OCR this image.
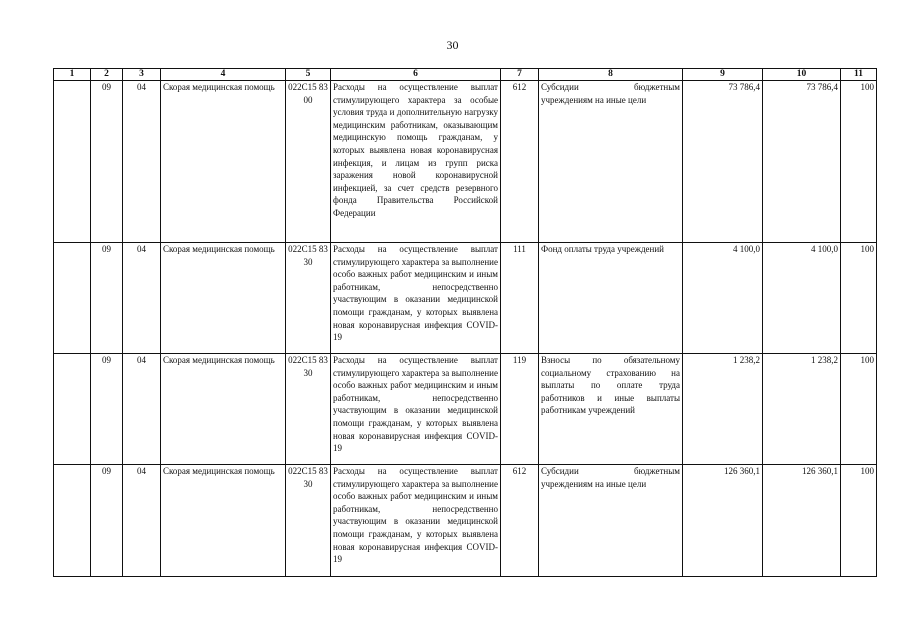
30
1	2	3	4	5	6	7	8	9	10	11
	09	04	Скорая медицинская помощь	022С15 8300	Расходы на осуществление выплат стимулирующего характера за особые условия труда и дополнительную нагрузку медицинским работникам, оказывающим медицинскую помощь гражданам, у которых выявлена новая коронавирусная инфекция, и лицам из групп риска заражения новой коронавирусной инфекцией, за счет средств резервного фонда Правительства Российской Федерации	612	Субсидии бюджетным учреждениям на иные цели	73 786,4	73 786,4	100
	09	04	Скорая медицинская помощь	022С15 8330	Расходы на осуществление выплат стимулирующего характера за выполнение особо важных работ медицинским и иным работникам, непосредственно участвующим в оказании медицинской помощи гражданам, у которых выявлена новая коронавирусная инфекция COVID-19	111	Фонд оплаты труда учреждений	4 100,0	4 100,0	100
	09	04	Скорая медицинская помощь	022С15 8330	Расходы на осуществление выплат стимулирующего характера за выполнение особо важных работ медицинским и иным работникам, непосредственно участвующим в оказании медицинской помощи гражданам, у которых выявлена новая коронавирусная инфекция COVID-19	119	Взносы по обязательному социальному страхованию на выплаты по оплате труда работников и иные выплаты работникам учреждений	1 238,2	1 238,2	100
	09	04	Скорая медицинская помощь	022С15 8330	Расходы на осуществление выплат стимулирующего характера за выполнение особо важных работ медицинским и иным работникам, непосредственно участвующим в оказании медицинской помощи гражданам, у которых выявлена новая коронавирусная инфекция COVID-19	612	Субсидии бюджетным учреждениям на иные цели	126 360,1	126 360,1	100
